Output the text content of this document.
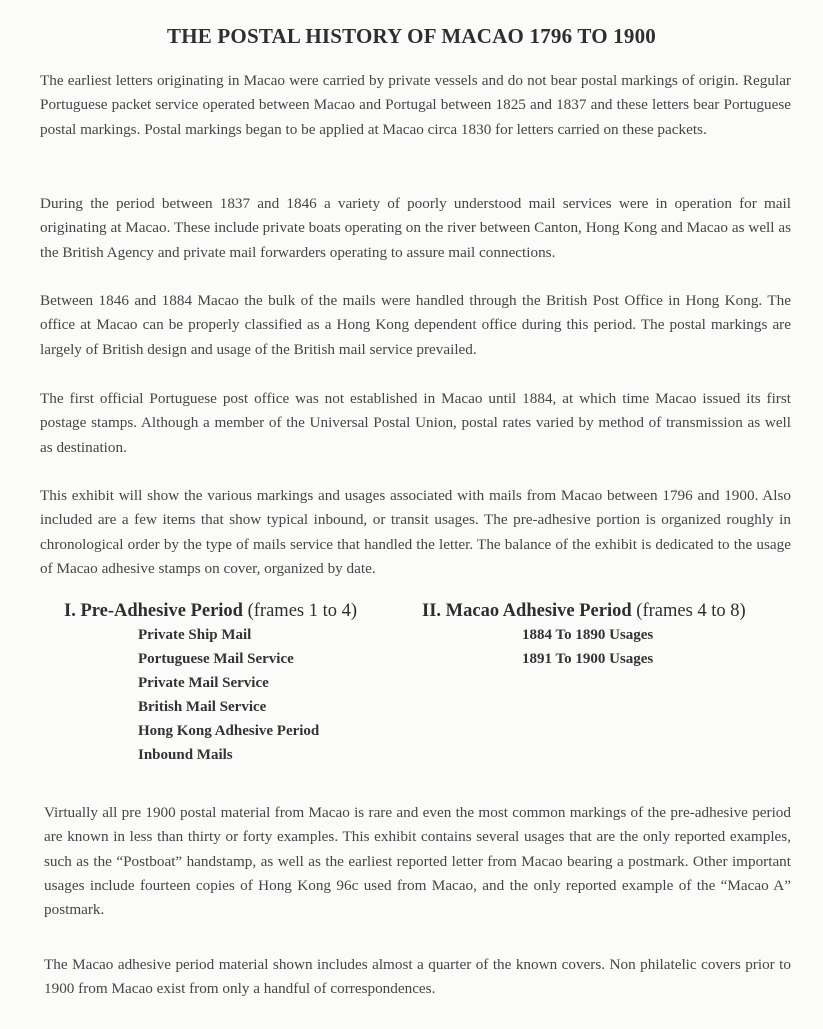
THE POSTAL HISTORY OF MACAO 1796 TO 1900

The earliest letters originating in Macao were carried by private vessels and do not bear postal markings of origin. Regular Portuguese packet service operated between Macao and Portugal between 1825 and 1837 and these letters bear Portuguese postal markings. Postal markings began to be applied at Macao circa 1830 for letters carried on these packets.

During the period between 1837 and 1846 a variety of poorly understood mail services were in operation for mail originating at Macao. These include private boats operating on the river between Canton, Hong Kong and Macao as well as the British Agency and private mail forwarders operating to assure mail connections.

Between 1846 and 1884 Macao the bulk of the mails were handled through the British Post Office in Hong Kong. The office at Macao can be properly classified as a Hong Kong dependent office during this period. The postal markings are largely of British design and usage of the British mail service prevailed.

The first official Portuguese post office was not established in Macao until 1884, at which time Macao issued its first postage stamps. Although a member of the Universal Postal Union, postal rates varied by method of transmission as well as destination.

This exhibit will show the various markings and usages associated with mails from Macao between 1796 and 1900. Also included are a few items that show typical inbound, or transit usages. The pre-adhesive portion is organized roughly in chronological order by the type of mails service that handled the letter. The balance of the exhibit is dedicated to the usage of Macao adhesive stamps on cover, organized by date.

I. Pre-Adhesive Period (frames 1 to 4)
Private Ship Mail
Portuguese Mail Service
Private Mail Service
British Mail Service
Hong Kong Adhesive Period
Inbound Mails
II. Macao Adhesive Period (frames 4 to 8)
1884 To 1890 Usages
1891 To 1900 Usages

Virtually all pre 1900 postal material from Macao is rare and even the most common markings of the pre-adhesive period are known in less than thirty or forty examples. This exhibit contains several usages that are the only reported examples, such as the “Postboat” handstamp, as well as the earliest reported letter from Macao bearing a postmark. Other important usages include fourteen copies of Hong Kong 96c used from Macao, and the only reported example of the “Macao A” postmark.

The Macao adhesive period material shown includes almost a quarter of the known covers. Non philatelic covers prior to 1900 from Macao exist from only a handful of correspondences.
